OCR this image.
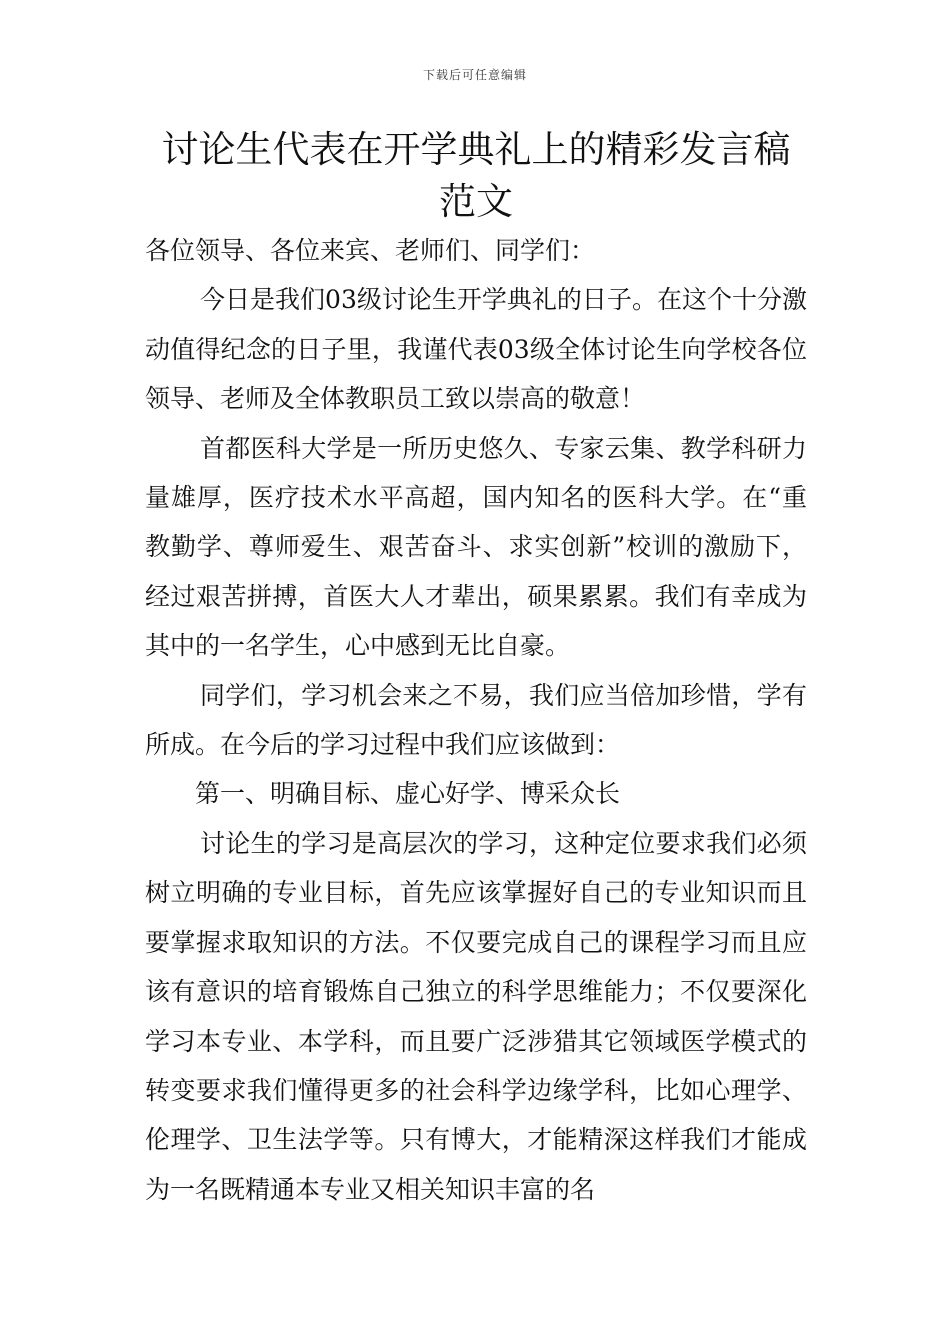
下载后可任意编辑
讨论生代表在开学典礼上的精彩发言稿范文

各位领导、各位来宾、老师们、同学们：

今日是我们03级讨论生开学典礼的日子。在这个十分激动值得纪念的日子里，我谨代表03级全体讨论生向学校各位领导、老师及全体教职员工致以崇高的敬意！

首都医科大学是一所历史悠久、专家云集、教学科研力量雄厚，医疗技术水平高超，国内知名的医科大学。在“重教勤学、尊师爱生、艰苦奋斗、求实创新”校训的激励下，经过艰苦拼搏，首医大人才辈出，硕果累累。我们有幸成为其中的一名学生，心中感到无比自豪。

同学们，学习机会来之不易，我们应当倍加珍惜，学有所成。在今后的学习过程中我们应该做到：

第一、明确目标、虚心好学、博采众长

讨论生的学习是高层次的学习，这种定位要求我们必须树立明确的专业目标，首先应该掌握好自己的专业知识而且要掌握求取知识的方法。不仅要完成自己的课程学习而且应该有意识的培育锻炼自己独立的科学思维能力；不仅要深化学习本专业、本学科，而且要广泛涉猎其它领域医学模式的转变要求我们懂得更多的社会科学边缘学科，比如心理学、伦理学、卫生法学等。只有博大，才能精深这样我们才能成为一名既精通本专业又相关知识丰富的名
